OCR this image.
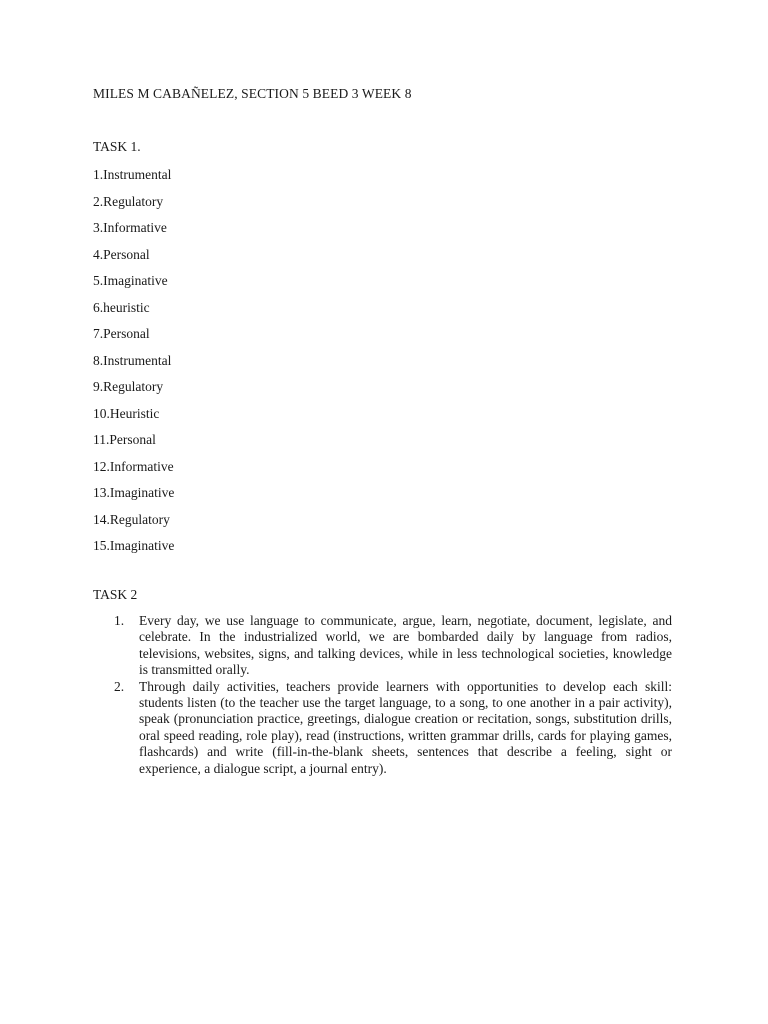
MILES M CABAÑELEZ, SECTION 5 BEED 3 WEEK 8

TASK 1.

1.Instrumental
2.Regulatory
3.Informative
4.Personal
5.Imaginative
6.heuristic
7.Personal
8.Instrumental
9.Regulatory
10.Heuristic
11.Personal
12.Informative
13.Imaginative
14.Regulatory
15.Imaginative

TASK 2

1. Every day, we use language to communicate, argue, learn, negotiate, document, legislate, and celebrate. In the industrialized world, we are bombarded daily by language from radios, televisions, websites, signs, and talking devices, while in less technological societies, knowledge is transmitted orally.
2. Through daily activities, teachers provide learners with opportunities to develop each skill: students listen (to the teacher use the target language, to a song, to one another in a pair activity), speak (pronunciation practice, greetings, dialogue creation or recitation, songs, substitution drills, oral speed reading, role play), read (instructions, written grammar drills, cards for playing games, flashcards) and write (fill-in-the-blank sheets, sentences that describe a feeling, sight or experience, a dialogue script, a journal entry).
